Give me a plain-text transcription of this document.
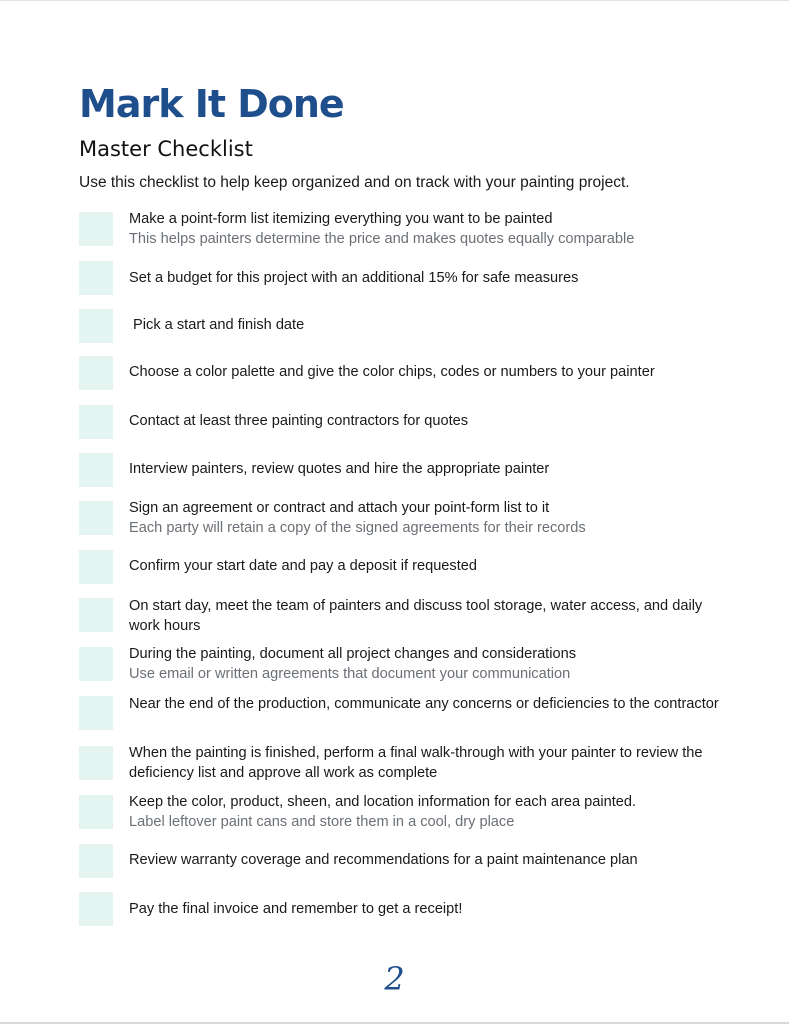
Mark It Done
Master Checklist

Use this checklist to help keep organized and on track with your painting project.

Make a point-form list itemizing everything you want to be painted
This helps painters determine the price and makes quotes equally comparable
Set a budget for this project with an additional 15% for safe measures
Pick a start and finish date
Choose a color palette and give the color chips, codes or numbers to your painter
Contact at least three painting contractors for quotes
Interview painters, review quotes and hire the appropriate painter
Sign an agreement or contract and attach your point-form list to it
Each party will retain a copy of the signed agreements for their records
Confirm your start date and pay a deposit if requested
On start day, meet the team of painters and discuss tool storage, water access, and daily work hours
During the painting, document all project changes and considerations
Use email or written agreements that document your communication
Near the end of the production, communicate any concerns or deficiencies to the contractor
When the painting is finished, perform a final walk-through with your painter to review the deficiency list and approve all work as complete
Keep the color, product, sheen, and location information for each area painted.
Label leftover paint cans and store them in a cool, dry place
Review warranty coverage and recommendations for a paint maintenance plan
Pay the final invoice and remember to get a receipt!
2
